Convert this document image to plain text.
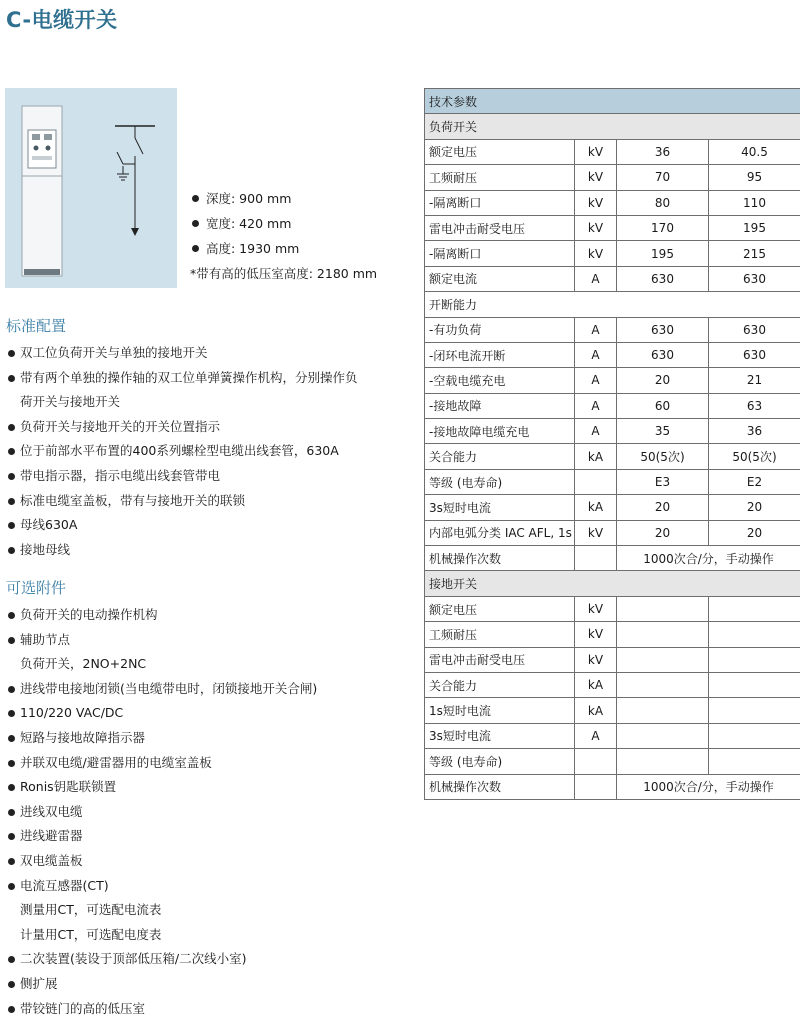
C-电缆开关
深度: 900 mm
宽度: 420 mm
高度: 1930 mm
*带有高的低压室高度: 2180 mm
标准配置
双工位负荷开关与单独的接地开关
带有两个单独的操作轴的双工位单弹簧操作机构，分别操作负
荷开关与接地开关
负荷开关与接地开关的开关位置指示
位于前部水平布置的400系列螺栓型电缆出线套管，630A
带电指示器，指示电缆出线套管带电
标准电缆室盖板，带有与接地开关的联锁
母线630A
接地母线
可选附件
负荷开关的电动操作机构
辅助节点
负荷开关，2NO+2NC
进线带电接地闭锁(当电缆带电时，闭锁接地开关合闸)
110/220 VAC/DC
短路与接地故障指示器
并联双电缆/避雷器用的电缆室盖板
Ronis钥匙联锁置
进线双电缆
进线避雷器
双电缆盖板
电流互感器(CT)
测量用CT，可选配电流表
计量用CT，可选配电度表
二次装置(装设于顶部低压箱/二次线小室)
侧扩展
带铰链门的高的低压室
技术参数			
负荷开关			
额定电压	kV	36	40.5
工频耐压	kV	70	95
-隔离断口	kV	80	110
雷电冲击耐受电压	kV	170	195
-隔离断口	kV	195	215
额定电流	A	630	630
开断能力			
-有功负荷	A	630	630
-闭环电流开断	A	630	630
-空载电缆充电	A	20	21
-接地故障	A	60	63
-接地故障电缆充电	A	35	36
关合能力	kA	50(5次)	50(5次)
等级 (电寿命)		E3	E2
3s短时电流	kA	20	20
内部电弧分类 IAC AFL, 1s	kV	20	20
机械操作次数		1000次合/分，手动操作	
接地开关			
额定电压	kV		
工频耐压	kV		
雷电冲击耐受电压	kV		
关合能力	kA		
1s短时电流	kA		
3s短时电流	A		
等级 (电寿命)			
机械操作次数		1000次合/分，手动操作	
